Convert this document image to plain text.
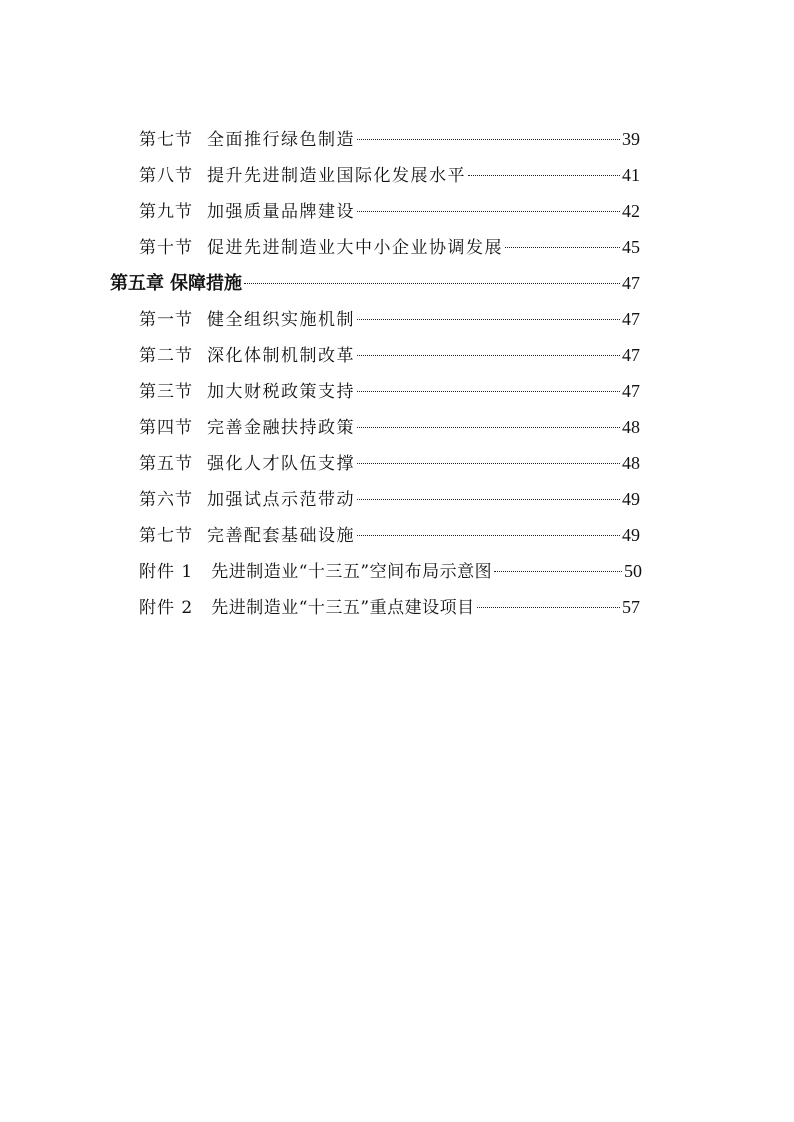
第七节 全面推行绿色制造	39
第八节 提升先进制造业国际化发展水平	41
第九节 加强质量品牌建设	42
第十节 促进先进制造业大中小企业协调发展	45
第五章 保障措施	47
第一节 健全组织实施机制	47
第二节 深化体制机制改革	47
第三节 加大财税政策支持	47
第四节 完善金融扶持政策	48
第五节 强化人才队伍支撑	48
第六节 加强试点示范带动	49
第七节 完善配套基础设施	49
附件 1 先进制造业“十三五”空间布局示意图	50
附件 2 先进制造业“十三五”重点建设项目	57
